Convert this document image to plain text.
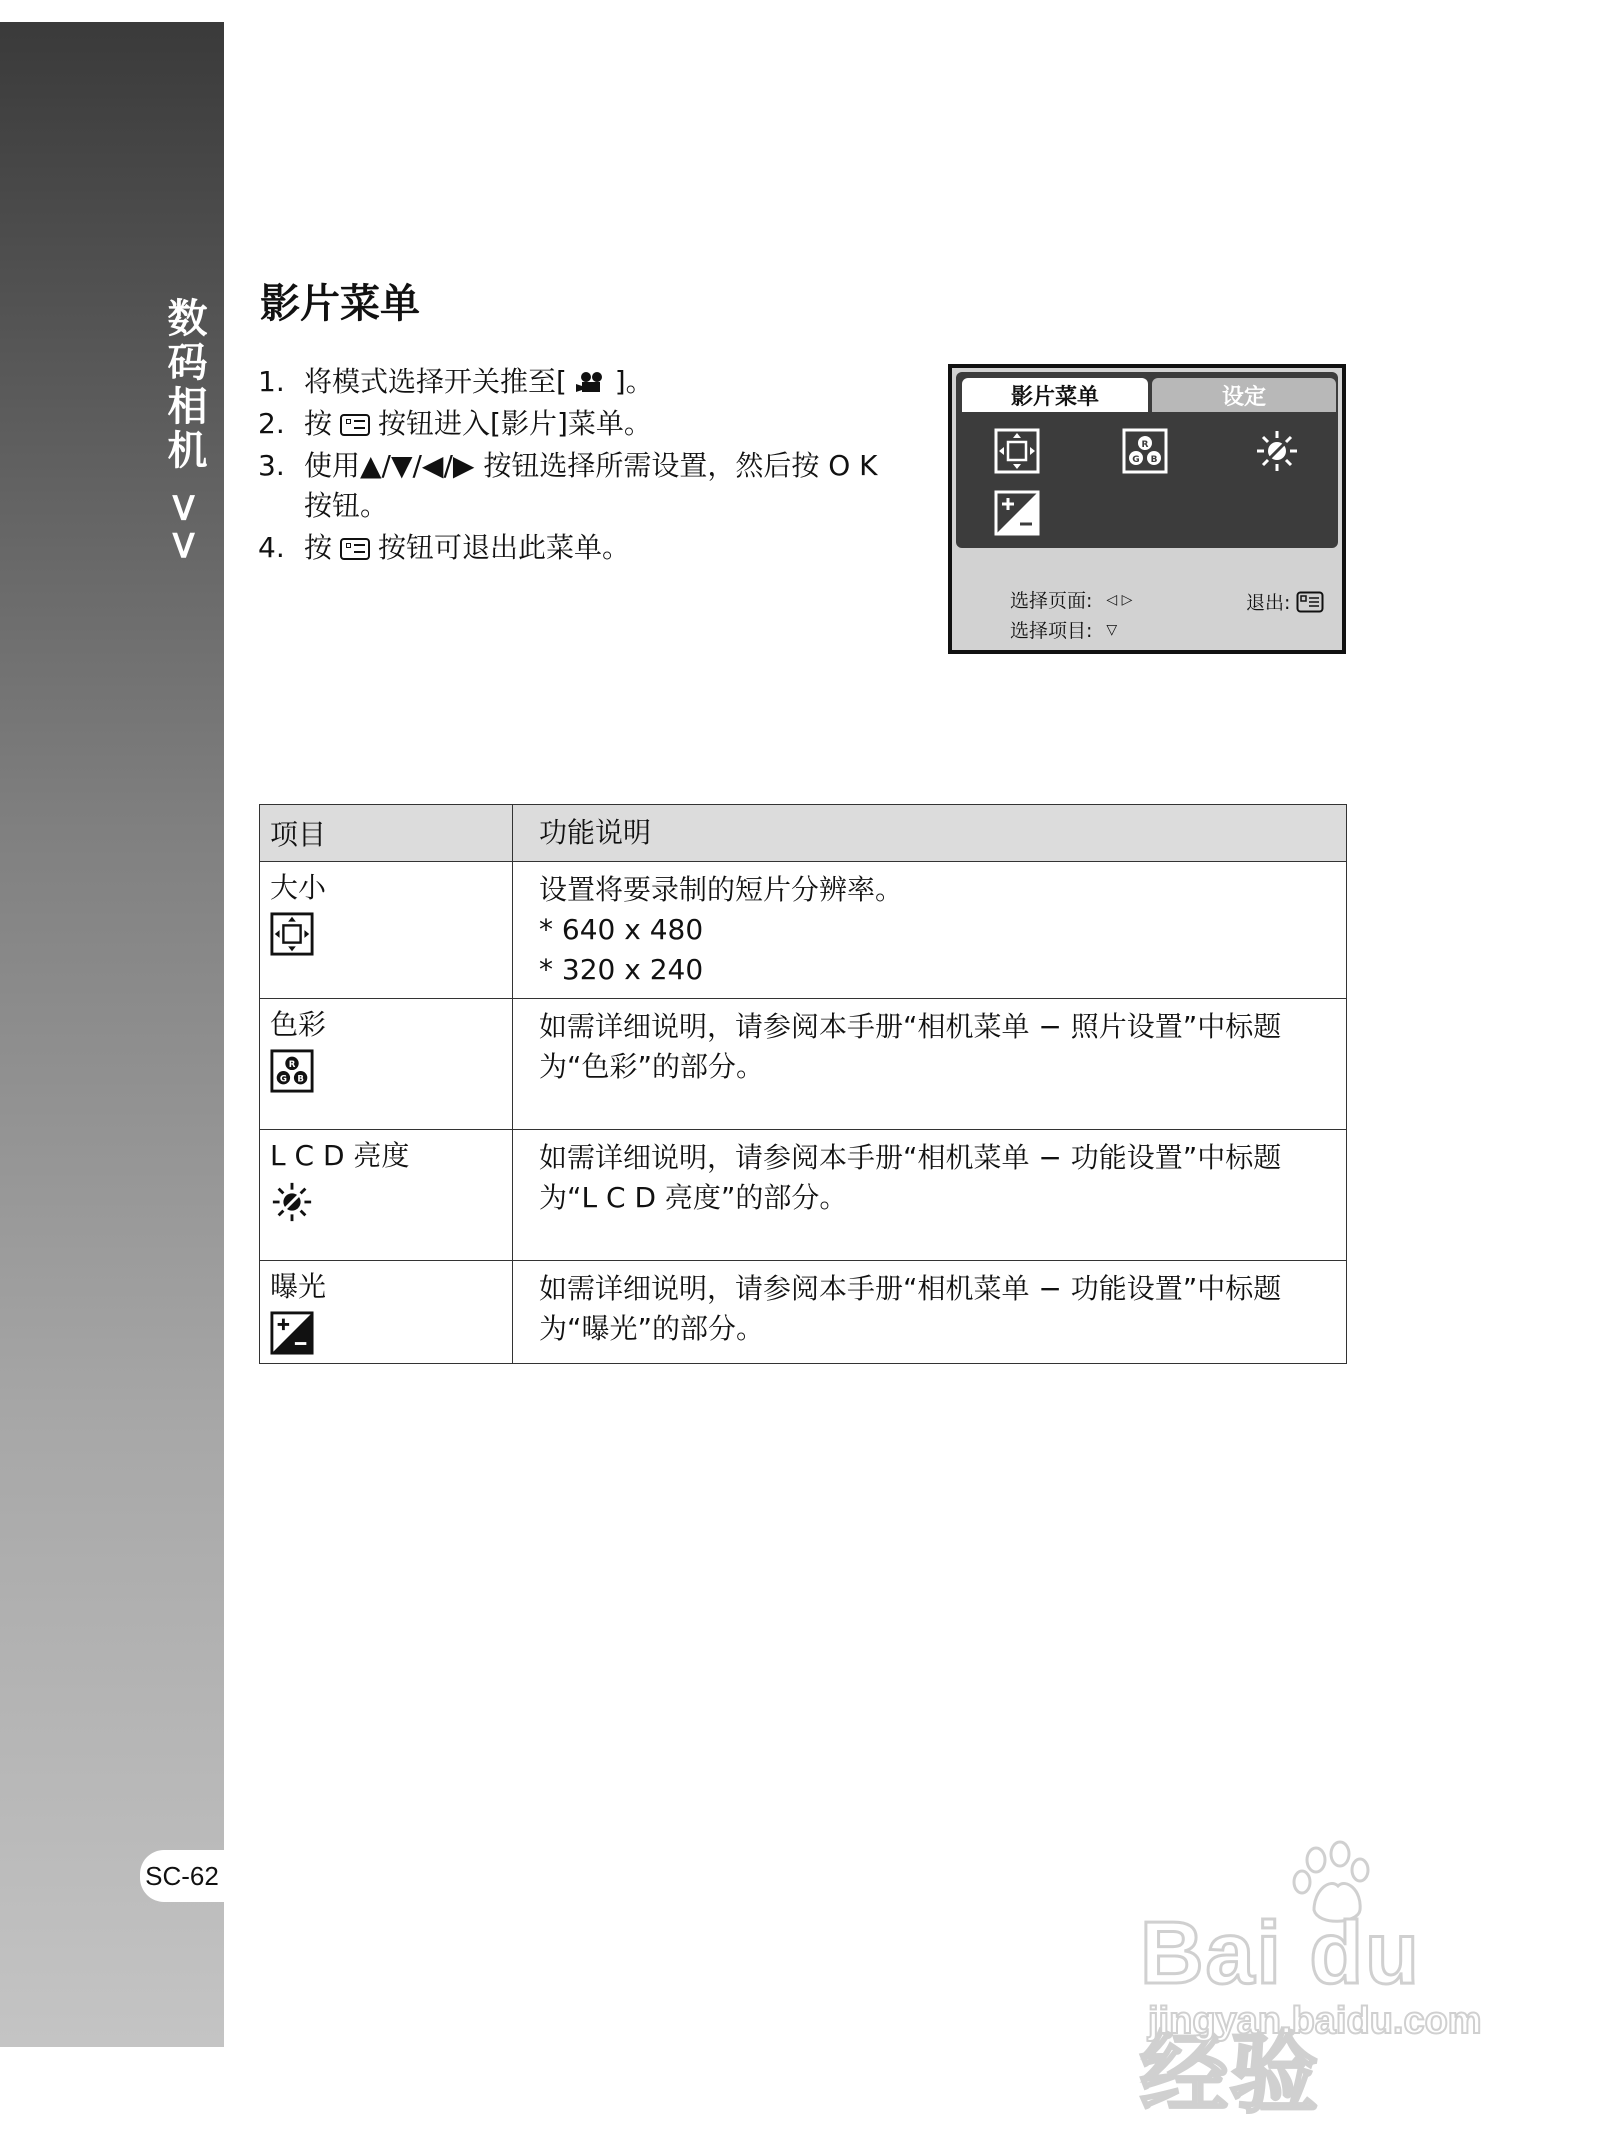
数码相机 >>
SC-62
影片菜单
1. 将模式选择开关推至[  ]。
2. 按 按钮进入[影片]菜单。
3. 使用▲/▼/◀/▶ 按钮选择所需设置，然后按 O K 按钮。
4. 按 按钮可退出此菜单。
影片菜单	设定
R
G B
选择页面: ◁ ▷
选择项目: ▽
退出:
项目	功能说明

大小	设置将要录制的短片分辨率。
* 640 x 480
* 320 x 240

色彩
R
G B	如需详细说明，请参阅本手册“相机菜单 − 照片设置”中标题为“色彩”的部分。

L C D 亮度	如需详细说明，请参阅本手册“相机菜单 − 功能设置”中标题为“L C D 亮度”的部分。

曝光	如需详细说明，请参阅本手册“相机菜单 − 功能设置”中标题为“曝光”的部分。
Bai du 经验
jingyan.baidu.com
